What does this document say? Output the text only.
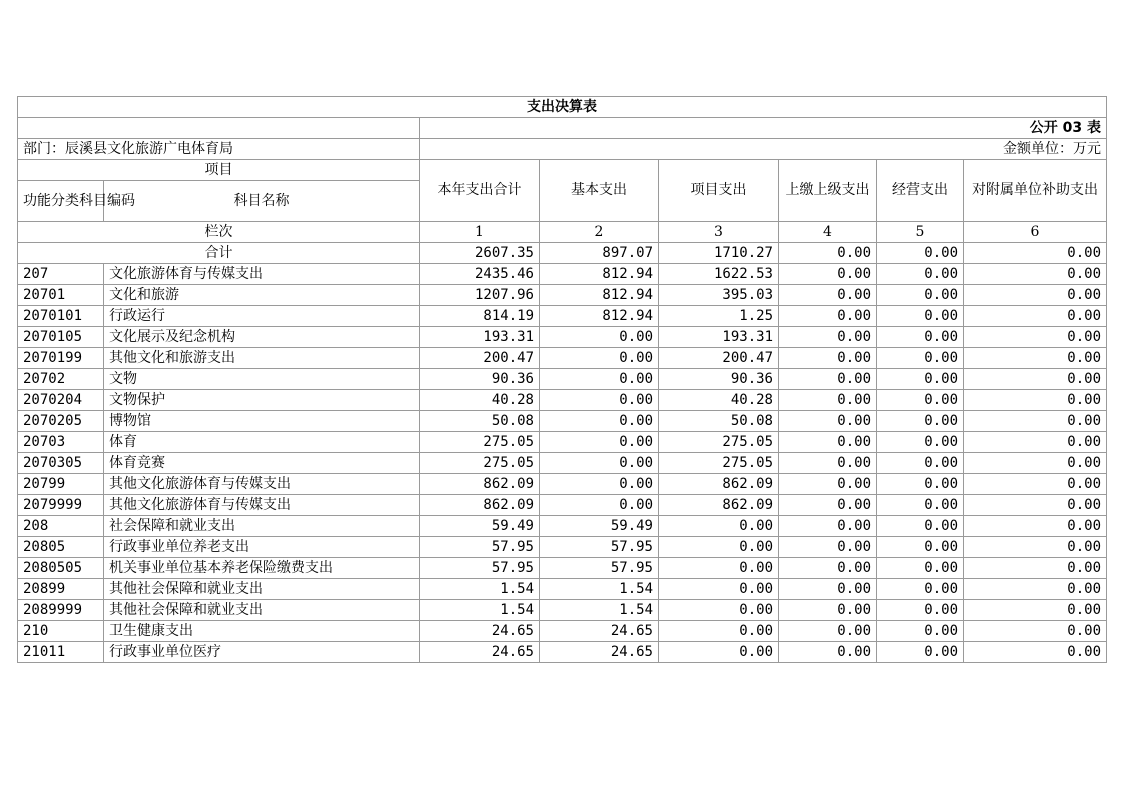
支出决算表							
		公开 03 表					
部门：辰溪县文化旅游广电体育局		金额单位：万元					
项目		本年支出合计	基本支出	项目支出	上缴上级支出	经营支出	对附属单位补助支出
功能分类科目编码	科目名称						
栏次		1	2	3	4	5	6
合计		2607.35	897.07	1710.27	0.00	0.00	0.00
207	文化旅游体育与传媒支出	2435.46	812.94	1622.53	0.00	0.00	0.00
20701	文化和旅游	1207.96	812.94	395.03	0.00	0.00	0.00
2070101	行政运行	814.19	812.94	1.25	0.00	0.00	0.00
2070105	文化展示及纪念机构	193.31	0.00	193.31	0.00	0.00	0.00
2070199	其他文化和旅游支出	200.47	0.00	200.47	0.00	0.00	0.00
20702	文物	90.36	0.00	90.36	0.00	0.00	0.00
2070204	文物保护	40.28	0.00	40.28	0.00	0.00	0.00
2070205	博物馆	50.08	0.00	50.08	0.00	0.00	0.00
20703	体育	275.05	0.00	275.05	0.00	0.00	0.00
2070305	体育竞赛	275.05	0.00	275.05	0.00	0.00	0.00
20799	其他文化旅游体育与传媒支出	862.09	0.00	862.09	0.00	0.00	0.00
2079999	其他文化旅游体育与传媒支出	862.09	0.00	862.09	0.00	0.00	0.00
208	社会保障和就业支出	59.49	59.49	0.00	0.00	0.00	0.00
20805	行政事业单位养老支出	57.95	57.95	0.00	0.00	0.00	0.00
2080505	机关事业单位基本养老保险缴费支出	57.95	57.95	0.00	0.00	0.00	0.00
20899	其他社会保障和就业支出	1.54	1.54	0.00	0.00	0.00	0.00
2089999	其他社会保障和就业支出	1.54	1.54	0.00	0.00	0.00	0.00
210	卫生健康支出	24.65	24.65	0.00	0.00	0.00	0.00
21011	行政事业单位医疗	24.65	24.65	0.00	0.00	0.00	0.00
